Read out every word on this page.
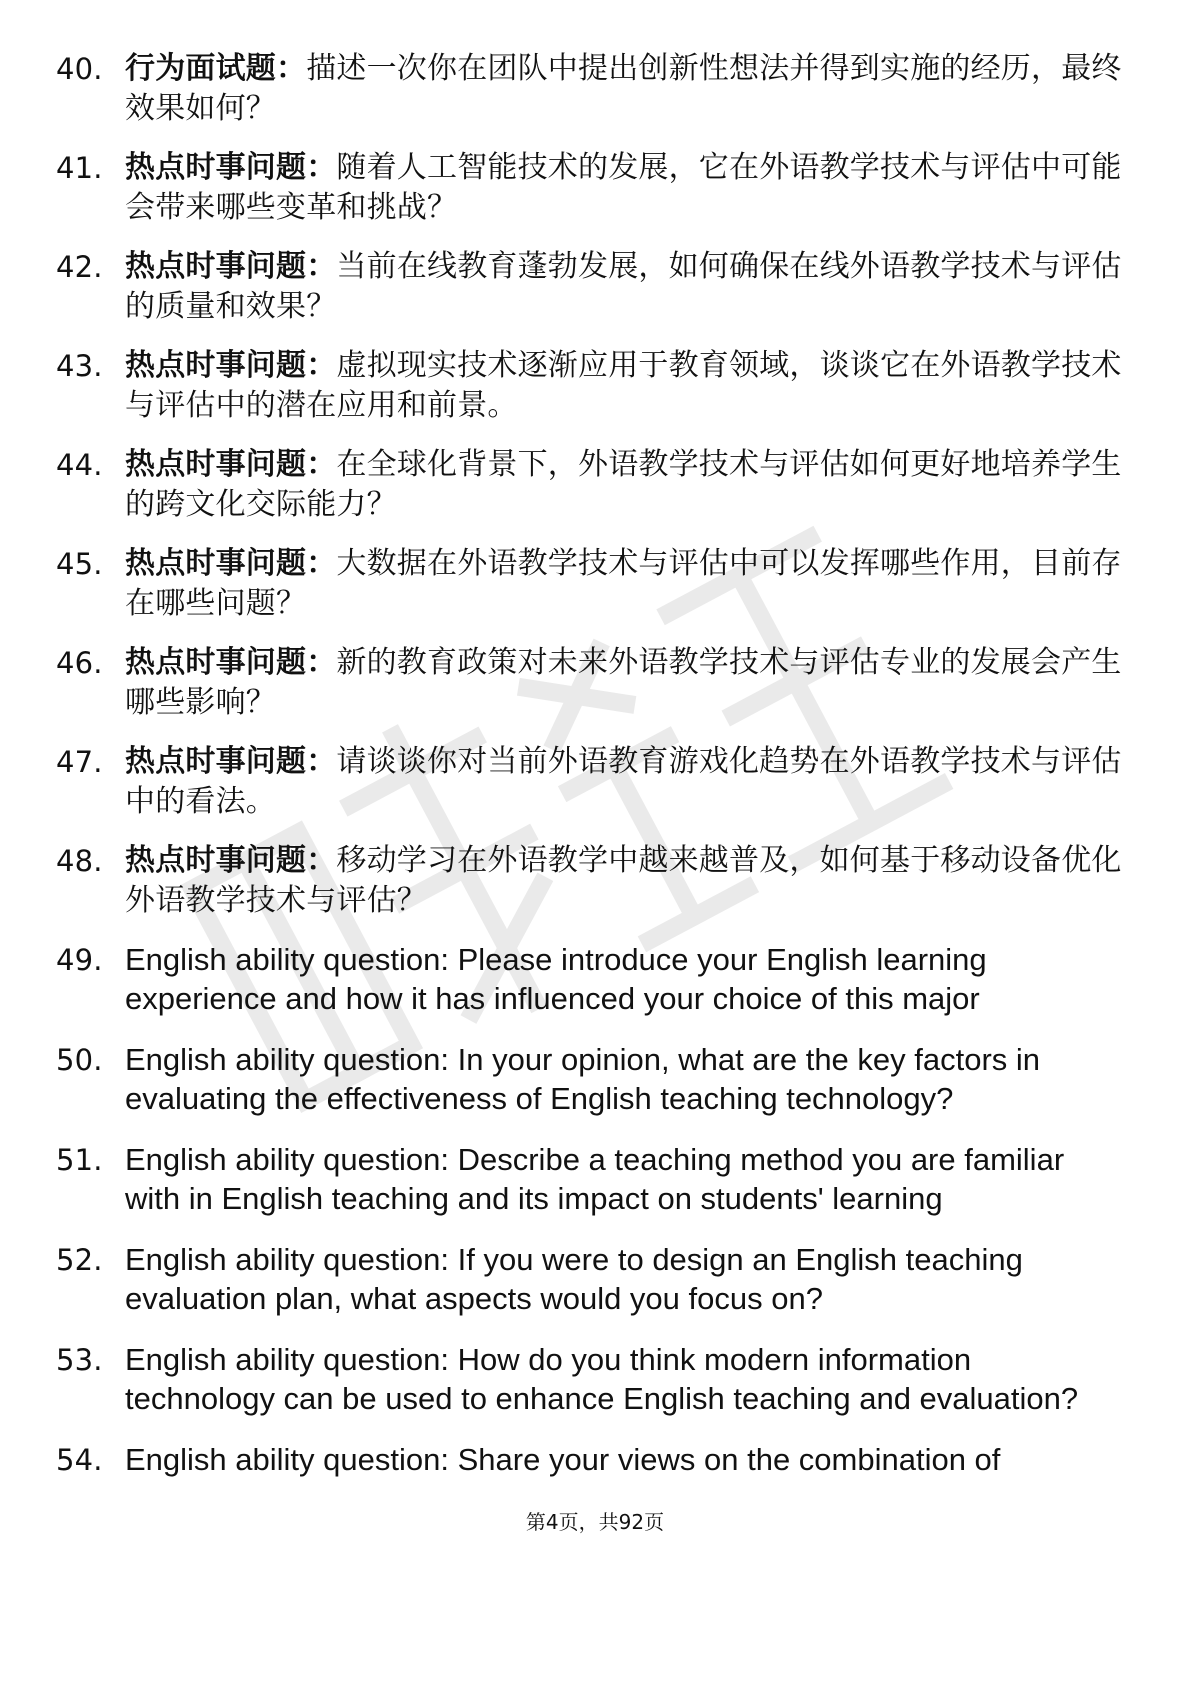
40. 行为面试题：描述一次你在团队中提出创新性想法并得到实施的经历，最终效果如何？
41. 热点时事问题：随着人工智能技术的发展，它在外语教学技术与评估中可能会带来哪些变革和挑战？
42. 热点时事问题：当前在线教育蓬勃发展，如何确保在线外语教学技术与评估的质量和效果？
43. 热点时事问题：虚拟现实技术逐渐应用于教育领域，谈谈它在外语教学技术与评估中的潜在应用和前景。
44. 热点时事问题：在全球化背景下，外语教学技术与评估如何更好地培养学生的跨文化交际能力？
45. 热点时事问题：大数据在外语教学技术与评估中可以发挥哪些作用，目前存在哪些问题？
46. 热点时事问题：新的教育政策对未来外语教学技术与评估专业的发展会产生哪些影响？
47. 热点时事问题：请谈谈你对当前外语教育游戏化趋势在外语教学技术与评估中的看法。
48. 热点时事问题：移动学习在外语教学中越来越普及，如何基于移动设备优化外语教学技术与评估？
49. English ability question: Please introduce your English learning experience and how it has influenced your choice of this major
50. English ability question: In your opinion, what are the key factors in evaluating the effectiveness of English teaching technology?
51. English ability question: Describe a teaching method you are familiar with in English teaching and its impact on students' learning
52. English ability question: If you were to design an English teaching evaluation plan, what aspects would you focus on?
53. English ability question: How do you think modern information technology can be used to enhance English teaching and evaluation?
54. English ability question: Share your views on the combination of
第4页，共92页
